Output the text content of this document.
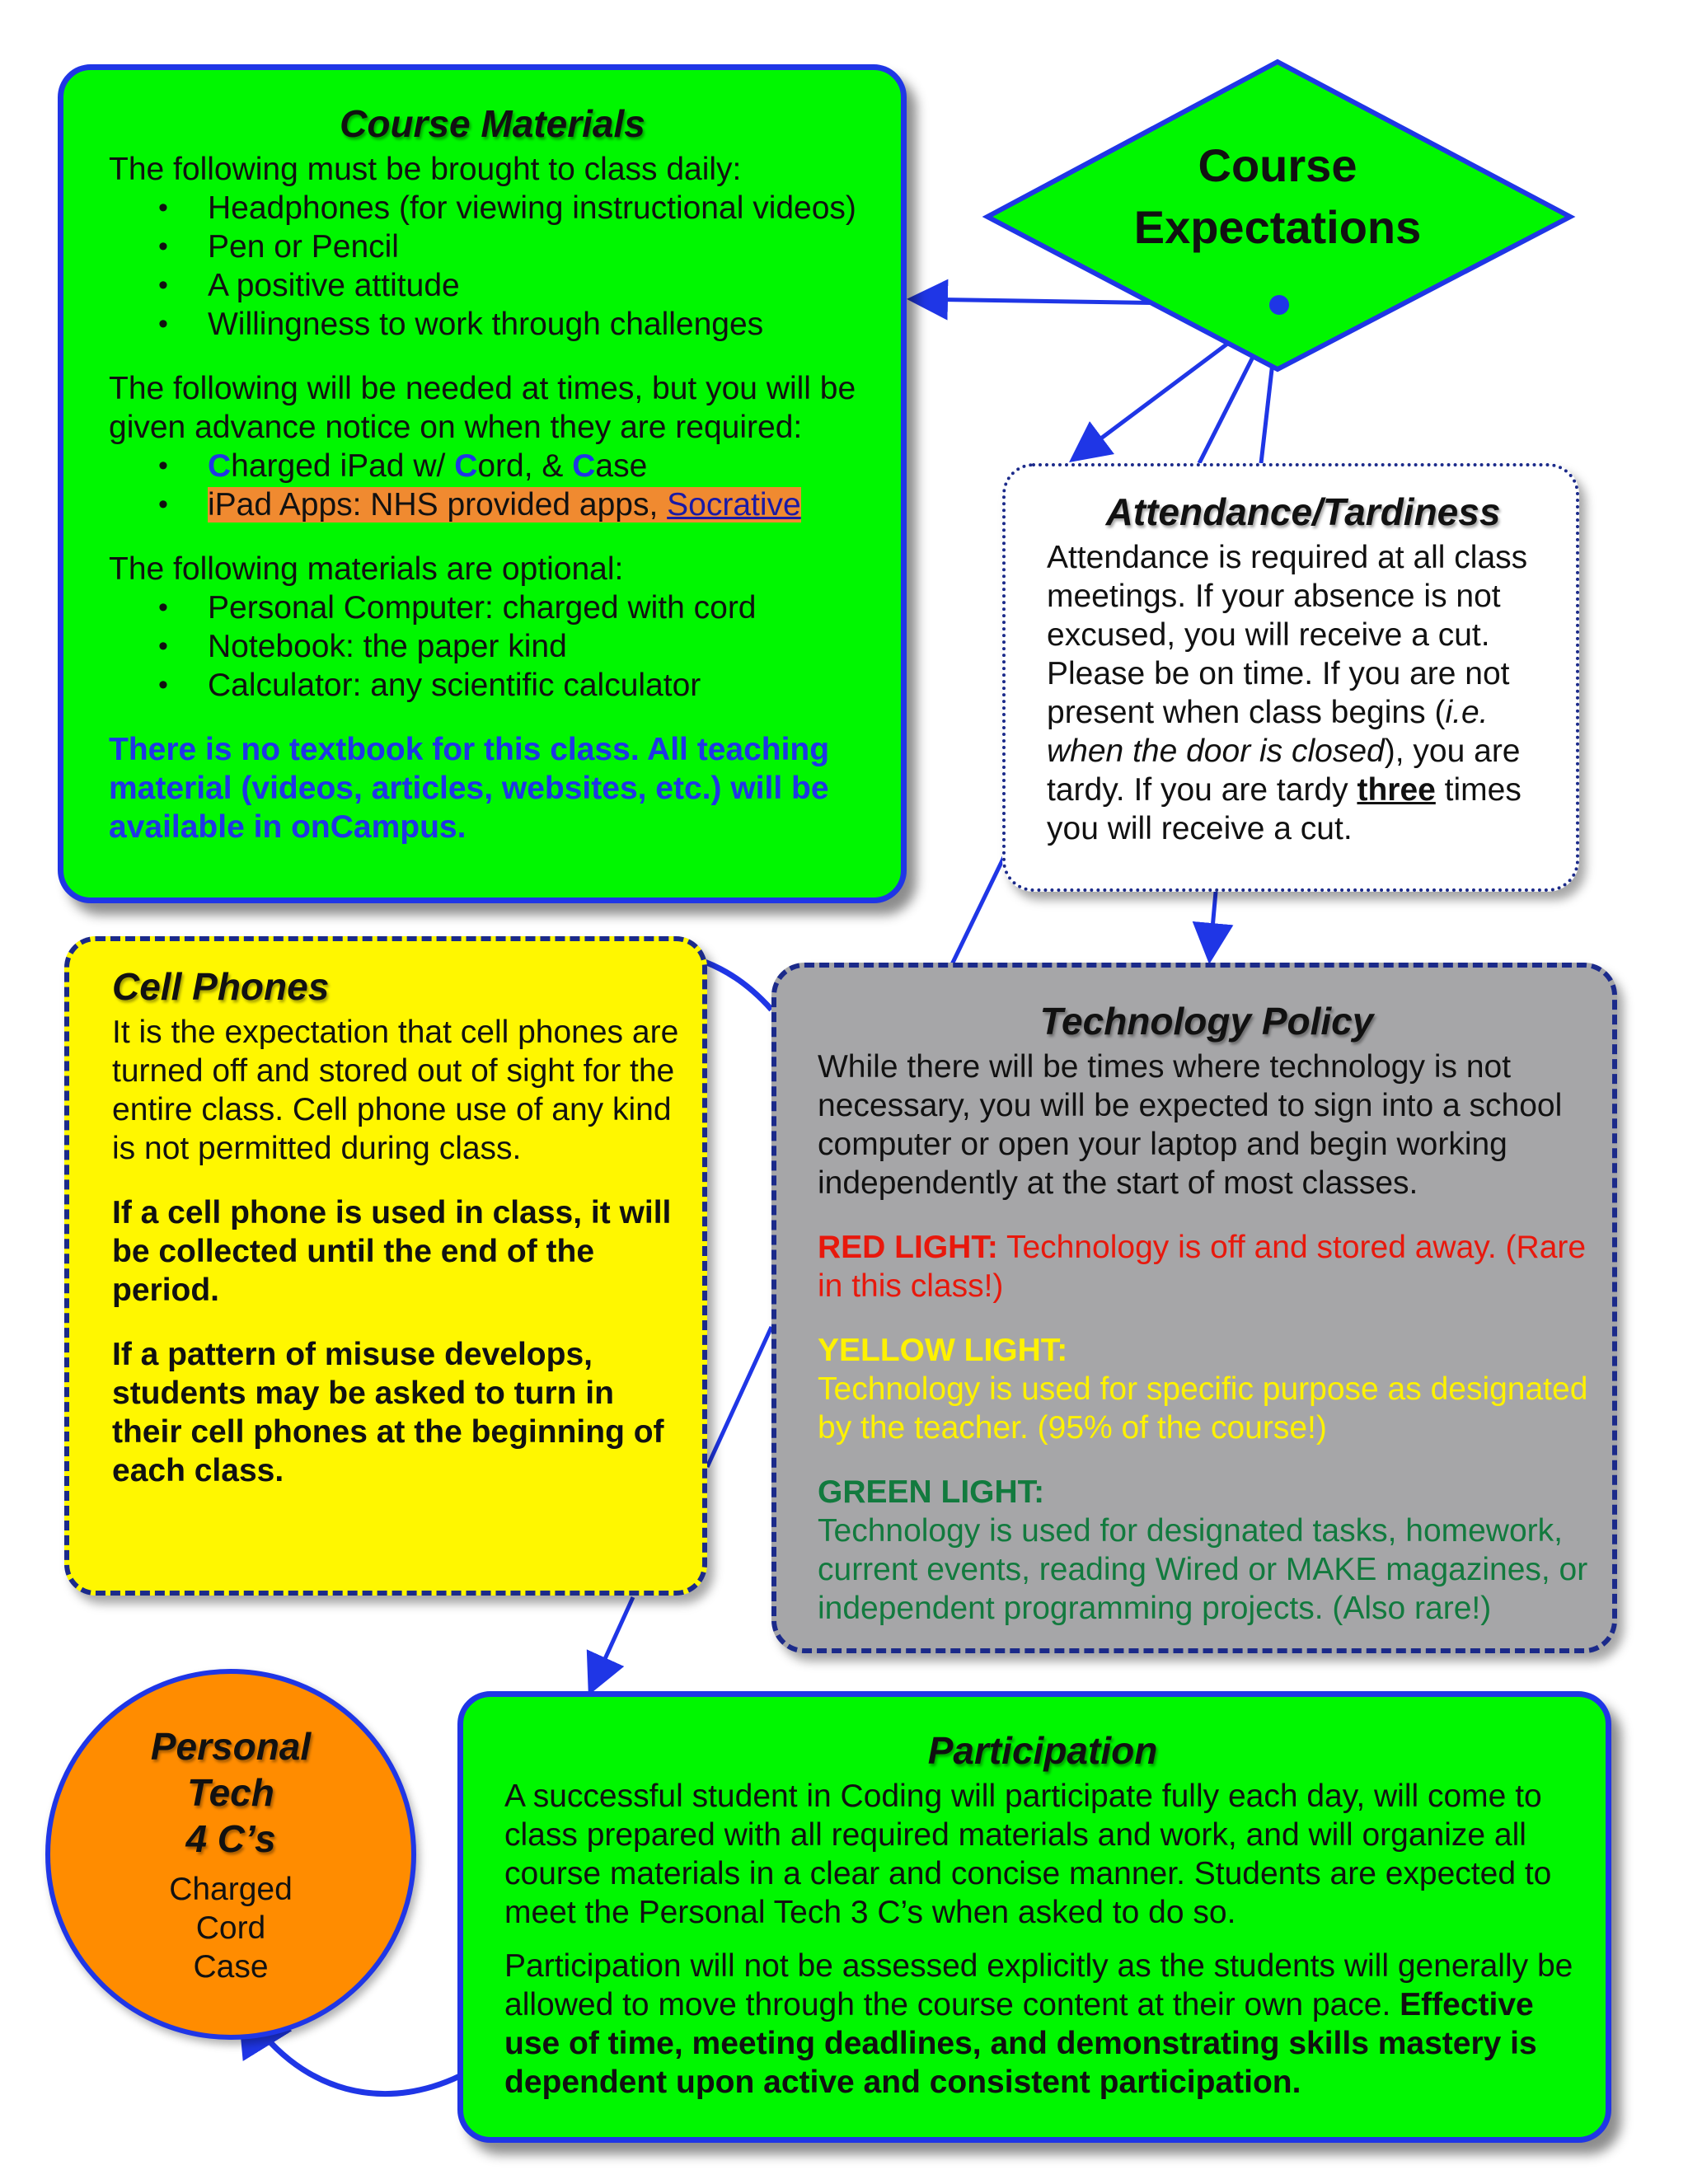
Course
Expectations
Course Materials
The following must be brought to class daily:
• Headphones (for viewing instructional videos)
• Pen or Pencil
• A positive attitude
• Willingness to work through challenges
The following will be needed at times, but you will be given advance notice on when they are required:
• Charged iPad w/ Cord, & Case
• iPad Apps: NHS provided apps, Socrative
The following materials are optional:
• Personal Computer: charged with cord
• Notebook: the paper kind
• Calculator: any scientific calculator
There is no textbook for this class. All teaching material (videos, articles, websites, etc.) will be available in onCampus.
Attendance/Tardiness
Attendance is required at all class meetings. If your absence is not excused, you will receive a cut. Please be on time. If you are not present when class begins (i.e. when the door is closed), you are tardy. If you are tardy three times you will receive a cut.
Cell Phones
It is the expectation that cell phones are turned off and stored out of sight for the entire class. Cell phone use of any kind is not permitted during class.
If a cell phone is used in class, it will be collected until the end of the period.
If a pattern of misuse develops, students may be asked to turn in their cell phones at the beginning of each class.
Technology Policy
While there will be times where technology is not necessary, you will be expected to sign into a school computer or open your laptop and begin working independently at the start of most classes.
RED LIGHT: Technology is off and stored away. (Rare in this class!)
YELLOW LIGHT:
Technology is used for specific purpose as designated by the teacher. (95% of the course!)
GREEN LIGHT:
Technology is used for designated tasks, homework, current events, reading Wired or MAKE magazines, or independent programming projects. (Also rare!)
Personal
Tech
4 C’s
Charged
Cord
Case
Participation
A successful student in Coding will participate fully each day, will come to class prepared with all required materials and work, and will organize all course materials in a clear and concise manner. Students are expected to meet the Personal Tech 3 C’s when asked to do so.
Participation will not be assessed explicitly as the students will generally be allowed to move through the course content at their own pace. Effective use of time, meeting deadlines, and demonstrating skills mastery is dependent upon active and consistent participation.
